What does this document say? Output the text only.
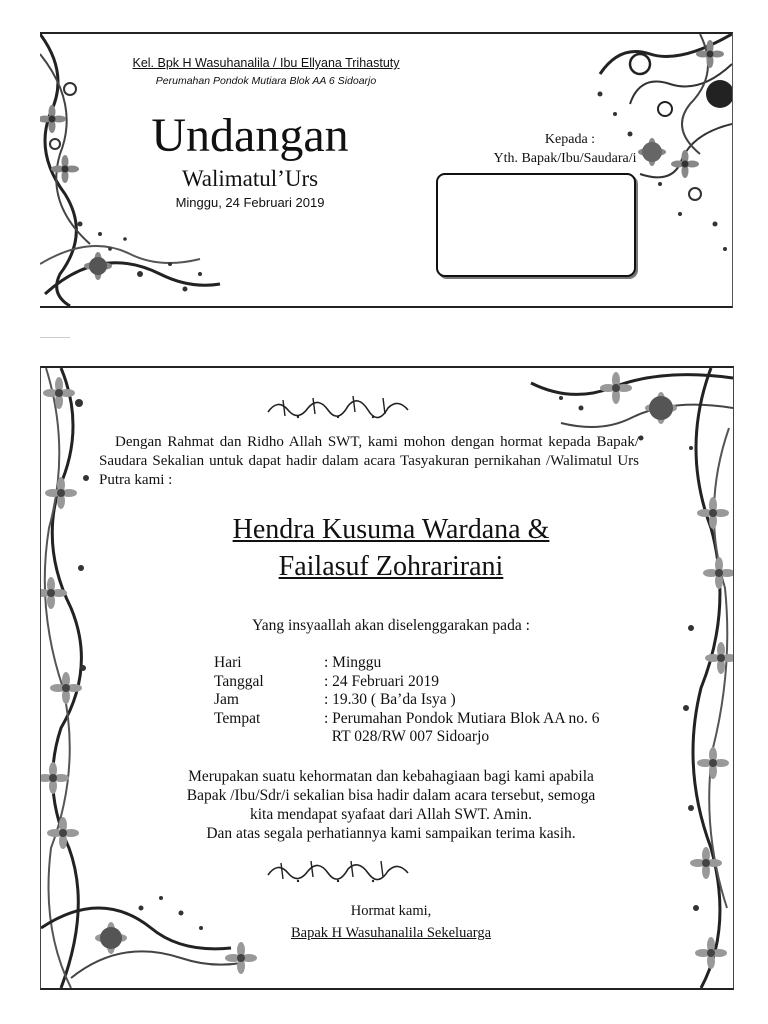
Kel. Bpk H Wasuhanalila / Ibu Ellyana Trihastuty
Perumahan Pondok Mutiara Blok AA 6 Sidoarjo
Undangan
Walimatul’Urs
Minggu, 24 Februari 2019
Kepada :
Yth. Bapak/Ibu/Saudara/i

Dengan Rahmat dan Ridho Allah SWT, kami mohon dengan hormat kepada Bapak/ Saudara Sekalian untuk dapat hadir dalam acara Tasyakuran pernikahan /Walimatul Urs Putra kami :

Hendra Kusuma Wardana &
Failasuf Zohrarirani
Yang insyaallah akan diselenggarakan pada :
Hari	: Minggu
Tanggal	: 24 Februari 2019
Jam	: 19.30 ( Ba’da Isya )
Tempat	: Perumahan Pondok Mutiara Blok AA no. 6
RT 028/RW 007 Sidoarjo
Merupakan suatu kehormatan dan kebahagiaan bagi kami apabila
Bapak /Ibu/Sdr/i sekalian bisa hadir dalam acara tersebut, semoga
kita mendapat syafaat dari Allah SWT. Amin.
Dan atas segala perhatiannya kami sampaikan terima kasih.
Hormat kami,
Bapak H Wasuhanalila Sekeluarga
